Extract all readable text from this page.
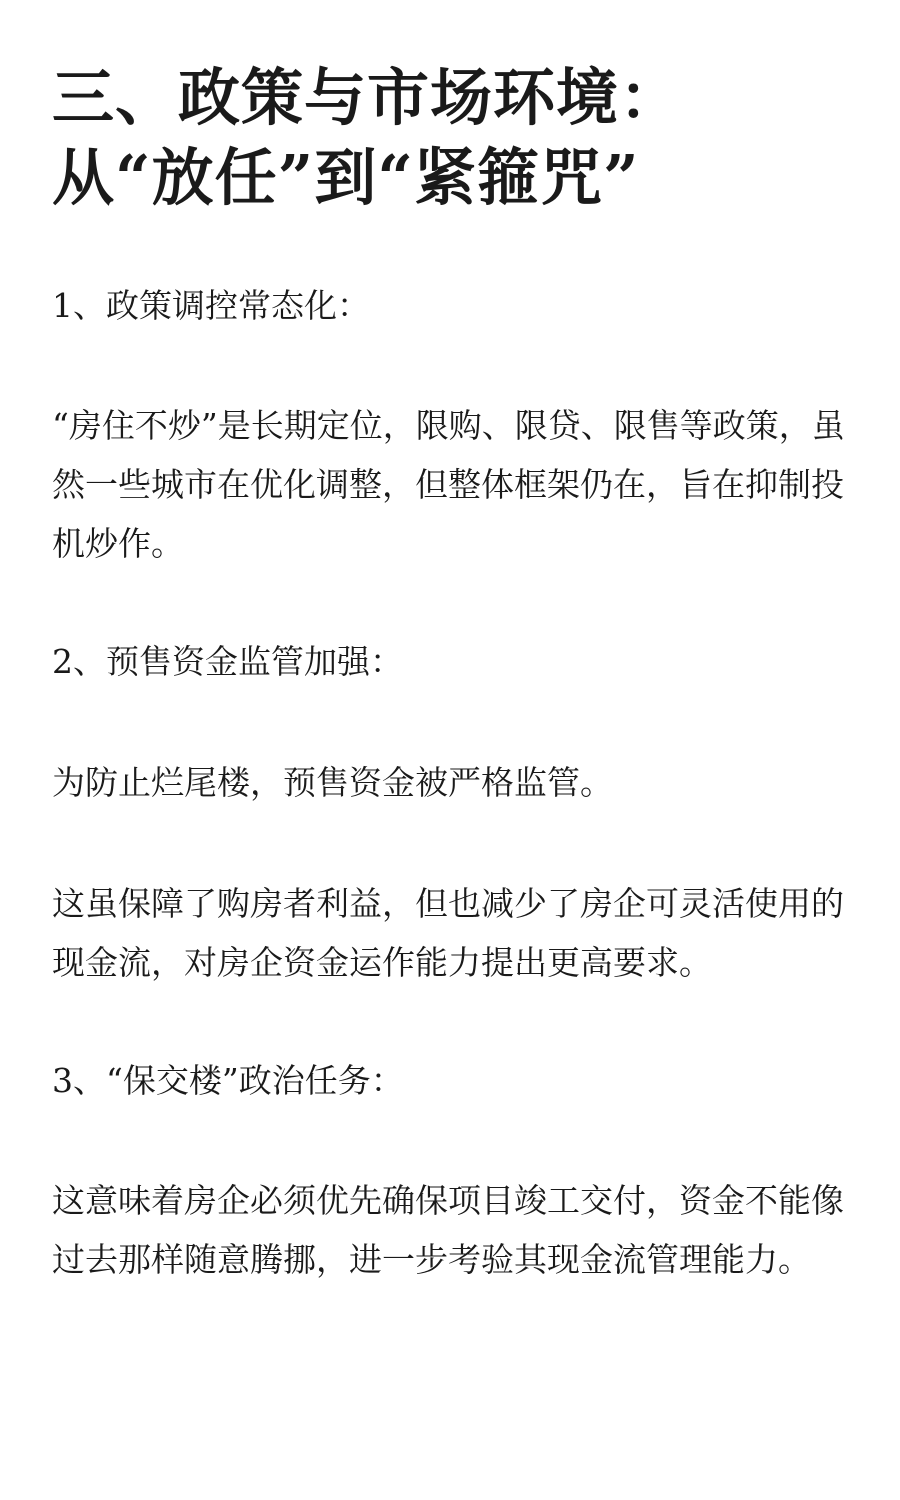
三、政策与市场环境：
从“放任”到“紧箍咒”

1、政策调控常态化：

“房住不炒”是长期定位，限购、限贷、限售等政策，虽然一些城市在优化调整，但整体框架仍在，旨在抑制投机炒作。

2、预售资金监管加强：

为防止烂尾楼，预售资金被严格监管。

这虽保障了购房者利益，但也减少了房企可灵活使用的现金流，对房企资金运作能力提出更高要求。

3、“保交楼”政治任务：

这意味着房企必须优先确保项目竣工交付，资金不能像过去那样随意腾挪，进一步考验其现金流管理能力。
